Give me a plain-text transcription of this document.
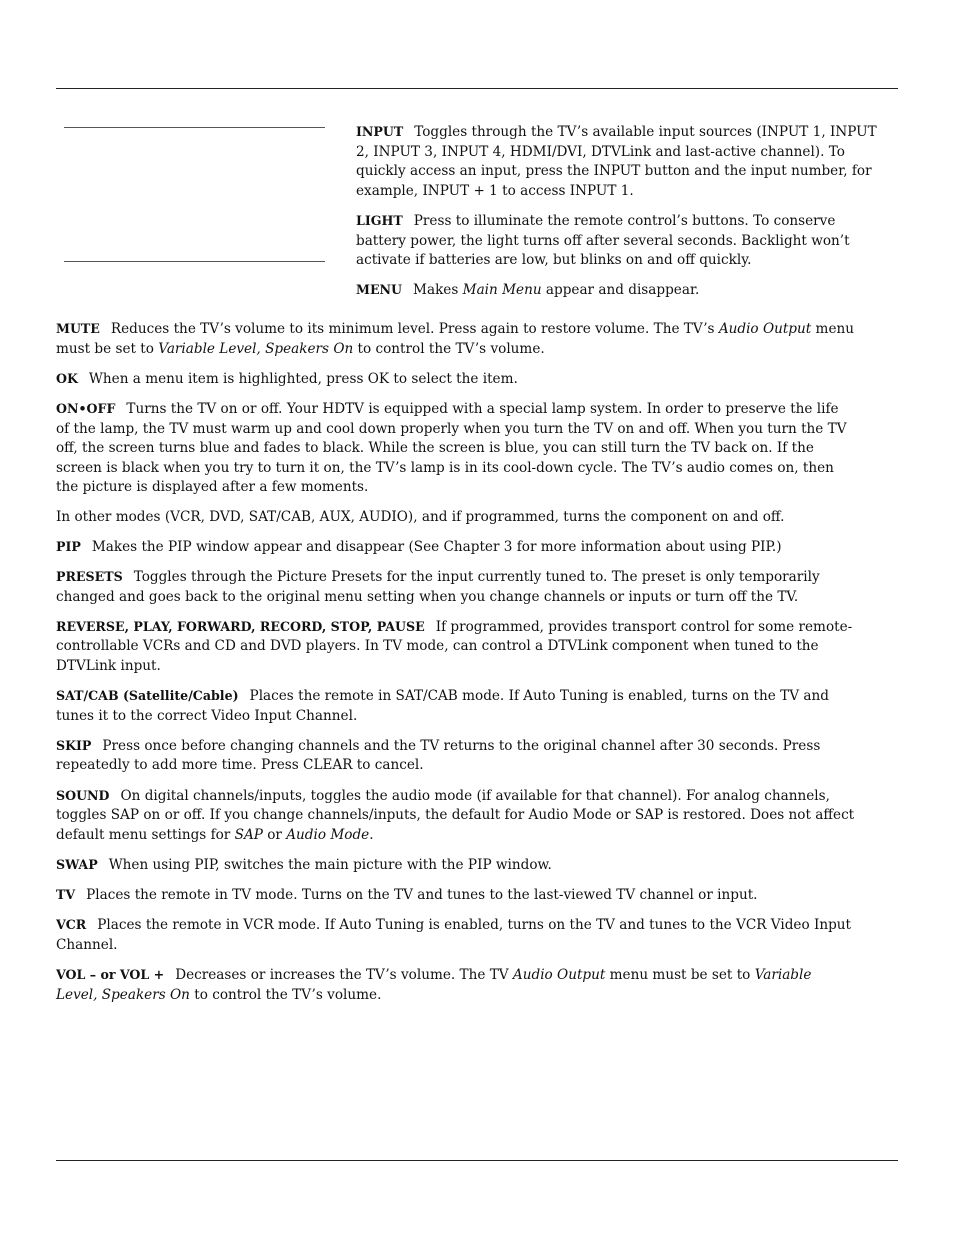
INPUT Toggles through the TV’s available input sources (INPUT 1, INPUT 2, INPUT 3, INPUT 4, HDMI/DVI, DTVLink and last-active channel). To quickly access an input, press the INPUT button and the input number, for example, INPUT + 1 to access INPUT 1.

LIGHT Press to illuminate the remote control’s buttons. To conserve battery power, the light turns off after several seconds. Backlight won’t activate if batteries are low, but blinks on and off quickly.

MENU Makes Main Menu appear and disappear.

MUTE Reduces the TV’s volume to its minimum level. Press again to restore volume. The TV’s Audio Output menu must be set to Variable Level, Speakers On to control the TV’s volume.

OK When a menu item is highlighted, press OK to select the item.

ON•OFF Turns the TV on or off. Your HDTV is equipped with a special lamp system. In order to preserve the life of the lamp, the TV must warm up and cool down properly when you turn the TV on and off. When you turn the TV off, the screen turns blue and fades to black. While the screen is blue, you can still turn the TV back on. If the screen is black when you try to turn it on, the TV’s lamp is in its cool-down cycle. The TV’s audio comes on, then the picture is displayed after a few moments.

In other modes (VCR, DVD, SAT/CAB, AUX, AUDIO), and if programmed, turns the component on and off.

PIP Makes the PIP window appear and disappear (See Chapter 3 for more information about using PIP.)

PRESETS Toggles through the Picture Presets for the input currently tuned to. The preset is only temporarily changed and goes back to the original menu setting when you change channels or inputs or turn off the TV.

REVERSE, PLAY, FORWARD, RECORD, STOP, PAUSE If programmed, provides transport control for some remote-controllable VCRs and CD and DVD players. In TV mode, can control a DTVLink component when tuned to the DTVLink input.

SAT/CAB (Satellite/Cable) Places the remote in SAT/CAB mode. If Auto Tuning is enabled, turns on the TV and tunes it to the correct Video Input Channel.

SKIP Press once before changing channels and the TV returns to the original channel after 30 seconds. Press repeatedly to add more time. Press CLEAR to cancel.

SOUND On digital channels/inputs, toggles the audio mode (if available for that channel). For analog channels, toggles SAP on or off. If you change channels/inputs, the default for Audio Mode or SAP is restored. Does not affect default menu settings for SAP or Audio Mode.

SWAP When using PIP, switches the main picture with the PIP window.

TV Places the remote in TV mode. Turns on the TV and tunes to the last-viewed TV channel or input.

VCR Places the remote in VCR mode. If Auto Tuning is enabled, turns on the TV and tunes to the VCR Video Input Channel.

VOL – or VOL + Decreases or increases the TV’s volume. The TV Audio Output menu must be set to Variable Level, Speakers On to control the TV’s volume.
